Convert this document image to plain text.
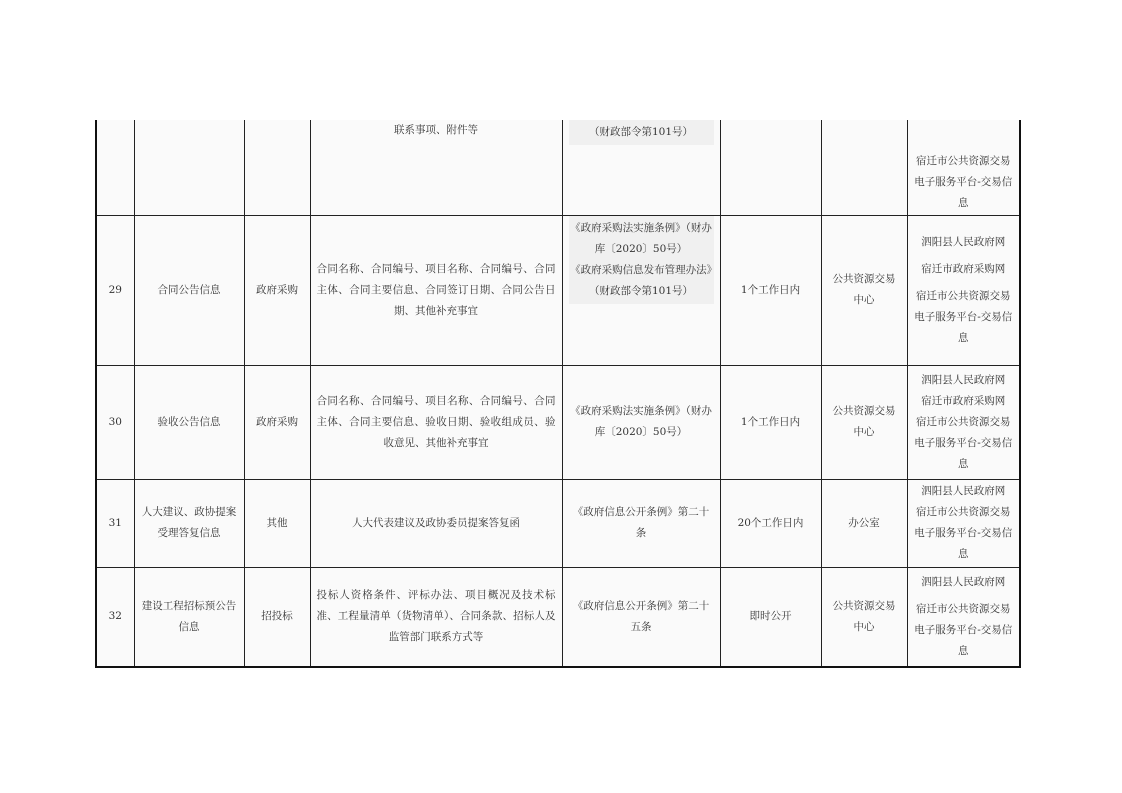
			联系事项、附件等	（财政部令第101号）			宿迁市公共资源交易电子服务平台-交易信息

29	合同公告信息	政府采购	合同名称、合同编号、项目名称、合同编号、合同主体、合同主要信息、合同签订日期、合同公告日期、其他补充事宜	《政府采购法实施条例》（财办库〔2020〕50号）
《政府采购信息发布管理办法》（财政部令第101号）	1个工作日内	公共资源交易中心	泗阳县人民政府网
宿迁市政府采购网
宿迁市公共资源交易电子服务平台-交易信息

30	验收公告信息	政府采购	合同名称、合同编号、项目名称、合同编号、合同主体、合同主要信息、验收日期、验收组成员、验收意见、其他补充事宜	《政府采购法实施条例》（财办库〔2020〕50号）	1个工作日内	公共资源交易中心	泗阳县人民政府网
宿迁市政府采购网
宿迁市公共资源交易电子服务平台-交易信息

31	人大建议、政协提案受理答复信息	其他	人大代表建议及政协委员提案答复函	《政府信息公开条例》第二十条	20个工作日内	办公室	泗阳县人民政府网
宿迁市公共资源交易电子服务平台-交易信息

32	建设工程招标预公告信息	招投标	投标人资格条件、评标办法、项目概况及技术标准、工程量清单（货物清单）、合同条款、招标人及监管部门联系方式等	《政府信息公开条例》第二十五条	即时公开	公共资源交易中心	泗阳县人民政府网
宿迁市公共资源交易电子服务平台-交易信息
